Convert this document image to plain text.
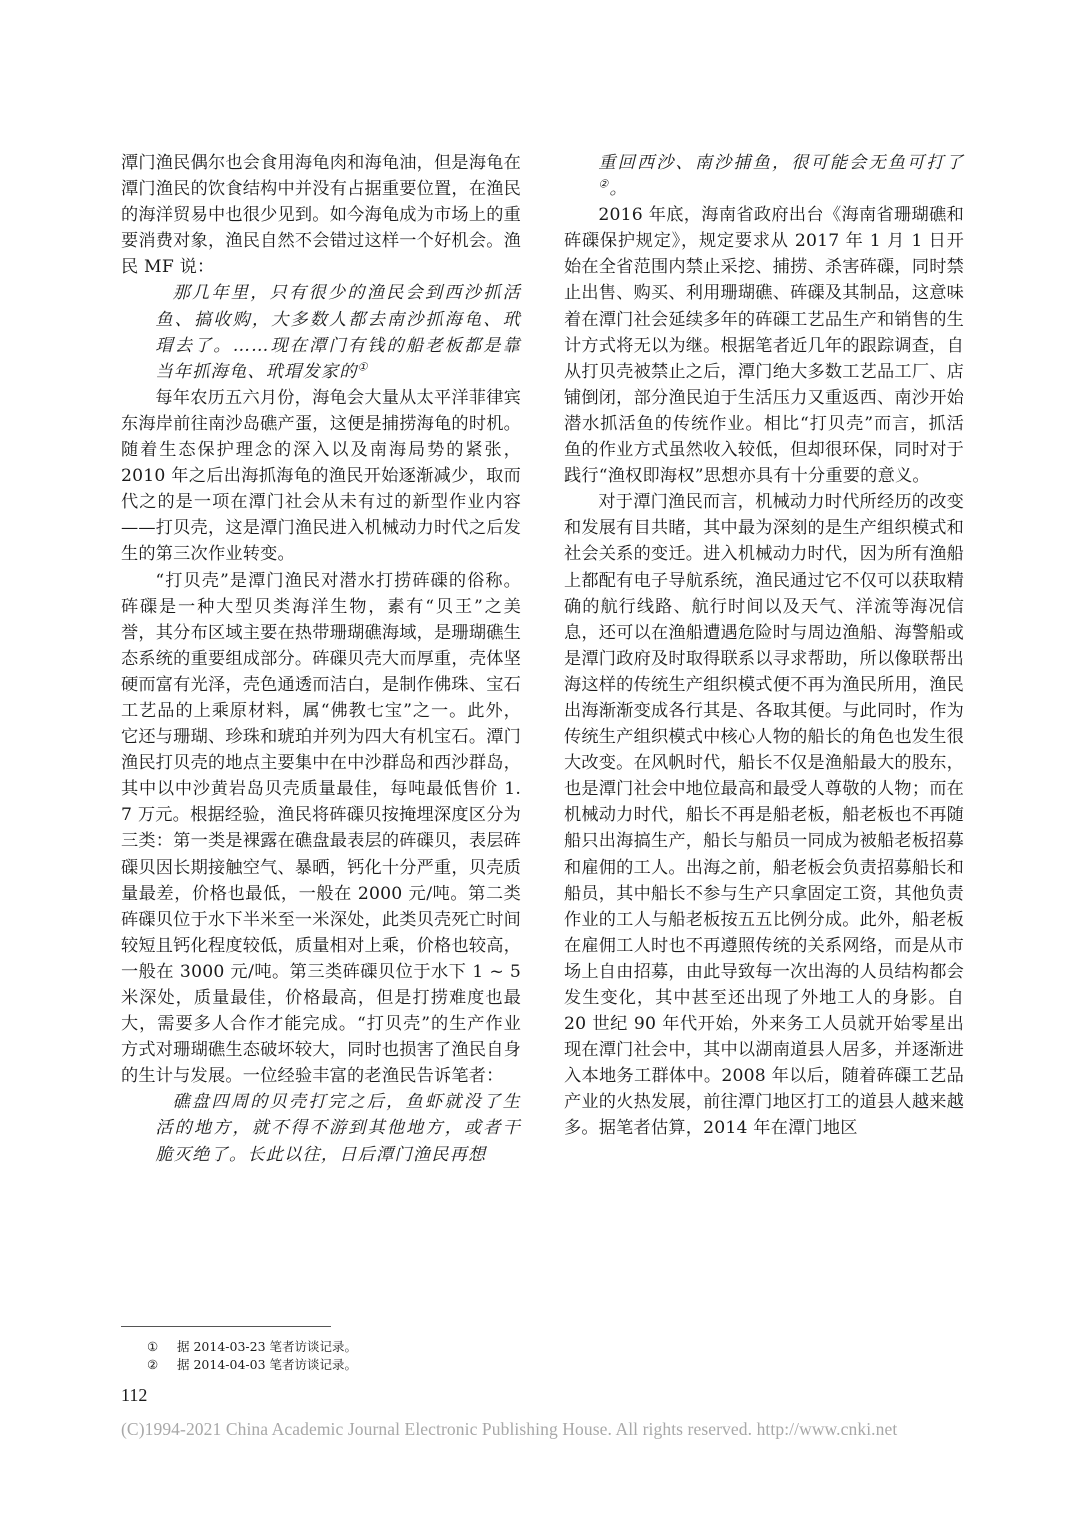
潭门渔民偶尔也会食用海龟肉和海龟油，但是海龟在潭门渔民的饮食结构中并没有占据重要位置，在渔民的海洋贸易中也很少见到。如今海龟成为市场上的重要消费对象，渔民自然不会错过这样一个好机会。渔民 MF 说：

那几年里，只有很少的渔民会到西沙抓活鱼、搞收购，大多数人都去南沙抓海龟、玳瑁去了。……现在潭门有钱的船老板都是靠当年抓海龟、玳瑁发家的①

每年农历五六月份，海龟会大量从太平洋菲律宾东海岸前往南沙岛礁产蛋，这便是捕捞海龟的时机。随着生态保护理念的深入以及南海局势的紧张，2010 年之后出海抓海龟的渔民开始逐渐减少，取而代之的是一项在潭门社会从未有过的新型作业内容——打贝壳，这是潭门渔民进入机械动力时代之后发生的第三次作业转变。

“打贝壳”是潭门渔民对潜水打捞砗磲的俗称。砗磲是一种大型贝类海洋生物，素有“贝王”之美誉，其分布区域主要在热带珊瑚礁海域，是珊瑚礁生态系统的重要组成部分。砗磲贝壳大而厚重，壳体坚硬而富有光泽，壳色通透而洁白，是制作佛珠、宝石工艺品的上乘原材料，属“佛教七宝”之一。此外，它还与珊瑚、珍珠和琥珀并列为四大有机宝石。潭门渔民打贝壳的地点主要集中在中沙群岛和西沙群岛，其中以中沙黄岩岛贝壳质量最佳，每吨最低售价 1. 7 万元。根据经验，渔民将砗磲贝按掩埋深度区分为三类：第一类是裸露在礁盘最表层的砗磲贝，表层砗磲贝因长期接触空气、暴晒，钙化十分严重，贝壳质量最差，价格也最低，一般在 2000 元/吨。第二类砗磲贝位于水下半米至一米深处，此类贝壳死亡时间较短且钙化程度较低，质量相对上乘，价格也较高，一般在 3000 元/吨。第三类砗磲贝位于水下 1 ~ 5 米深处，质量最佳，价格最高，但是打捞难度也最大，需要多人合作才能完成。“打贝壳”的生产作业方式对珊瑚礁生态破坏较大，同时也损害了渔民自身的生计与发展。一位经验丰富的老渔民告诉笔者：

礁盘四周的贝壳打完之后，鱼虾就没了生活的地方，就不得不游到其他地方，或者干脆灭绝了。长此以往，日后潭门渔民再想

重回西沙、南沙捕鱼，很可能会无鱼可打了②。

2016 年底，海南省政府出台《海南省珊瑚礁和砗磲保护规定》，规定要求从 2017 年 1 月 1 日开始在全省范围内禁止采挖、捕捞、杀害砗磲，同时禁止出售、购买、利用珊瑚礁、砗磲及其制品，这意味着在潭门社会延续多年的砗磲工艺品生产和销售的生计方式将无以为继。根据笔者近几年的跟踪调查，自从打贝壳被禁止之后，潭门绝大多数工艺品工厂、店铺倒闭，部分渔民迫于生活压力又重返西、南沙开始潜水抓活鱼的传统作业。相比“打贝壳”而言，抓活鱼的作业方式虽然收入较低，但却很环保，同时对于践行“渔权即海权”思想亦具有十分重要的意义。

对于潭门渔民而言，机械动力时代所经历的改变和发展有目共睹，其中最为深刻的是生产组织模式和社会关系的变迁。进入机械动力时代，因为所有渔船上都配有电子导航系统，渔民通过它不仅可以获取精确的航行线路、航行时间以及天气、洋流等海况信息，还可以在渔船遭遇危险时与周边渔船、海警船或是潭门政府及时取得联系以寻求帮助，所以像联帮出海这样的传统生产组织模式便不再为渔民所用，渔民出海渐渐变成各行其是、各取其便。与此同时，作为传统生产组织模式中核心人物的船长的角色也发生很大改变。在风帆时代，船长不仅是渔船最大的股东，也是潭门社会中地位最高和最受人尊敬的人物；而在机械动力时代，船长不再是船老板，船老板也不再随船只出海搞生产，船长与船员一同成为被船老板招募和雇佣的工人。出海之前，船老板会负责招募船长和船员，其中船长不参与生产只拿固定工资，其他负责作业的工人与船老板按五五比例分成。此外，船老板在雇佣工人时也不再遵照传统的关系网络，而是从市场上自由招募，由此导致每一次出海的人员结构都会发生变化，其中甚至还出现了外地工人的身影。自 20 世纪 90 年代开始，外来务工人员就开始零星出现在潭门社会中，其中以湖南道县人居多，并逐渐进入本地务工群体中。2008 年以后，随着砗磲工艺品产业的火热发展，前往潭门地区打工的道县人越来越多。据笔者估算，2014 年在潭门地区

① 据 2014-03-23 笔者访谈记录。
② 据 2014-04-03 笔者访谈记录。
112
(C)1994-2021 China Academic Journal Electronic Publishing House. All rights reserved. http://www.cnki.net
